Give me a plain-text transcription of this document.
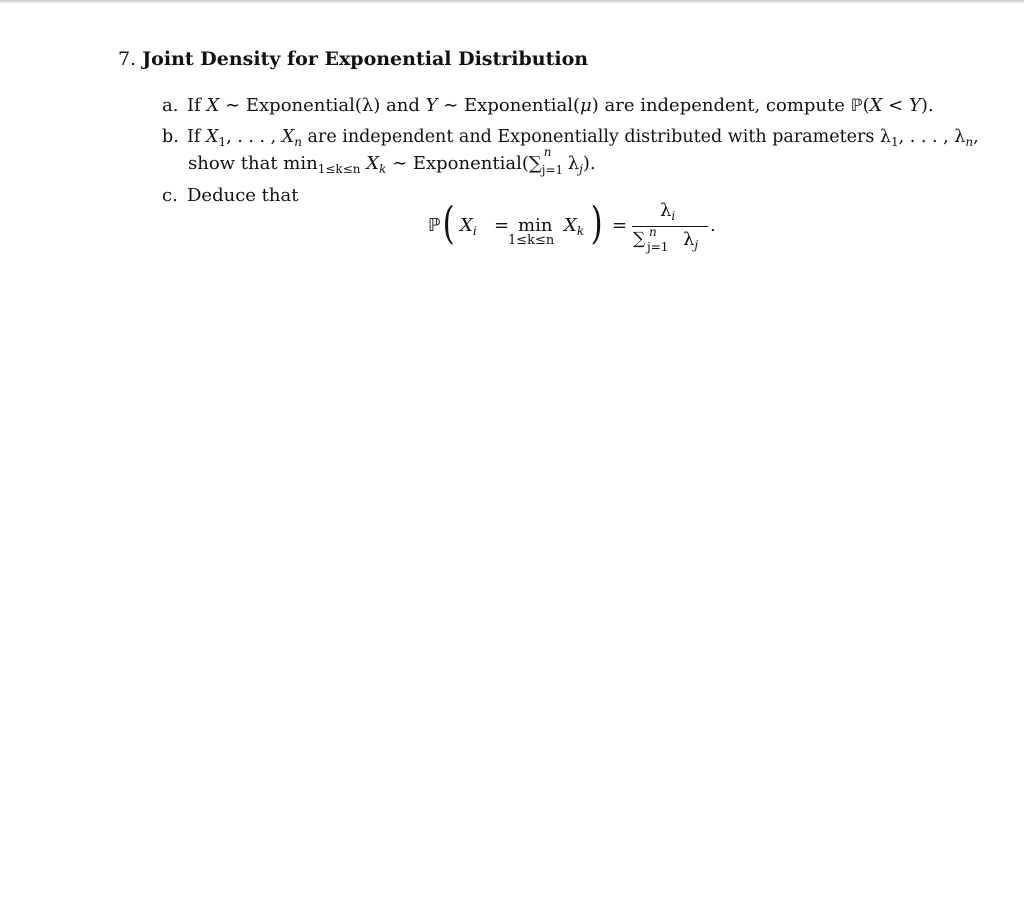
7. Joint Density for Exponential Distribution
a. If X ∼ Exponential(λ) and Y ∼ Exponential(μ) are independent, compute ℙ(X < Y).
b. If $X_1$, . . . , $X_n$ are independent and Exponentially distributed with parameters $\lambda_1$, . . . , $\lambda_n$,
show that $\min_{1\le k\le n} X_k$ ∼ Exponential(∑
n
j=1 $\lambda_j$).
c. Deduce that
ℙ ( $X_i = \min$
1≤k≤n
$X_k$ ) =
$\lambda_i$
∑ n
j=1 $\lambda_j$
.
